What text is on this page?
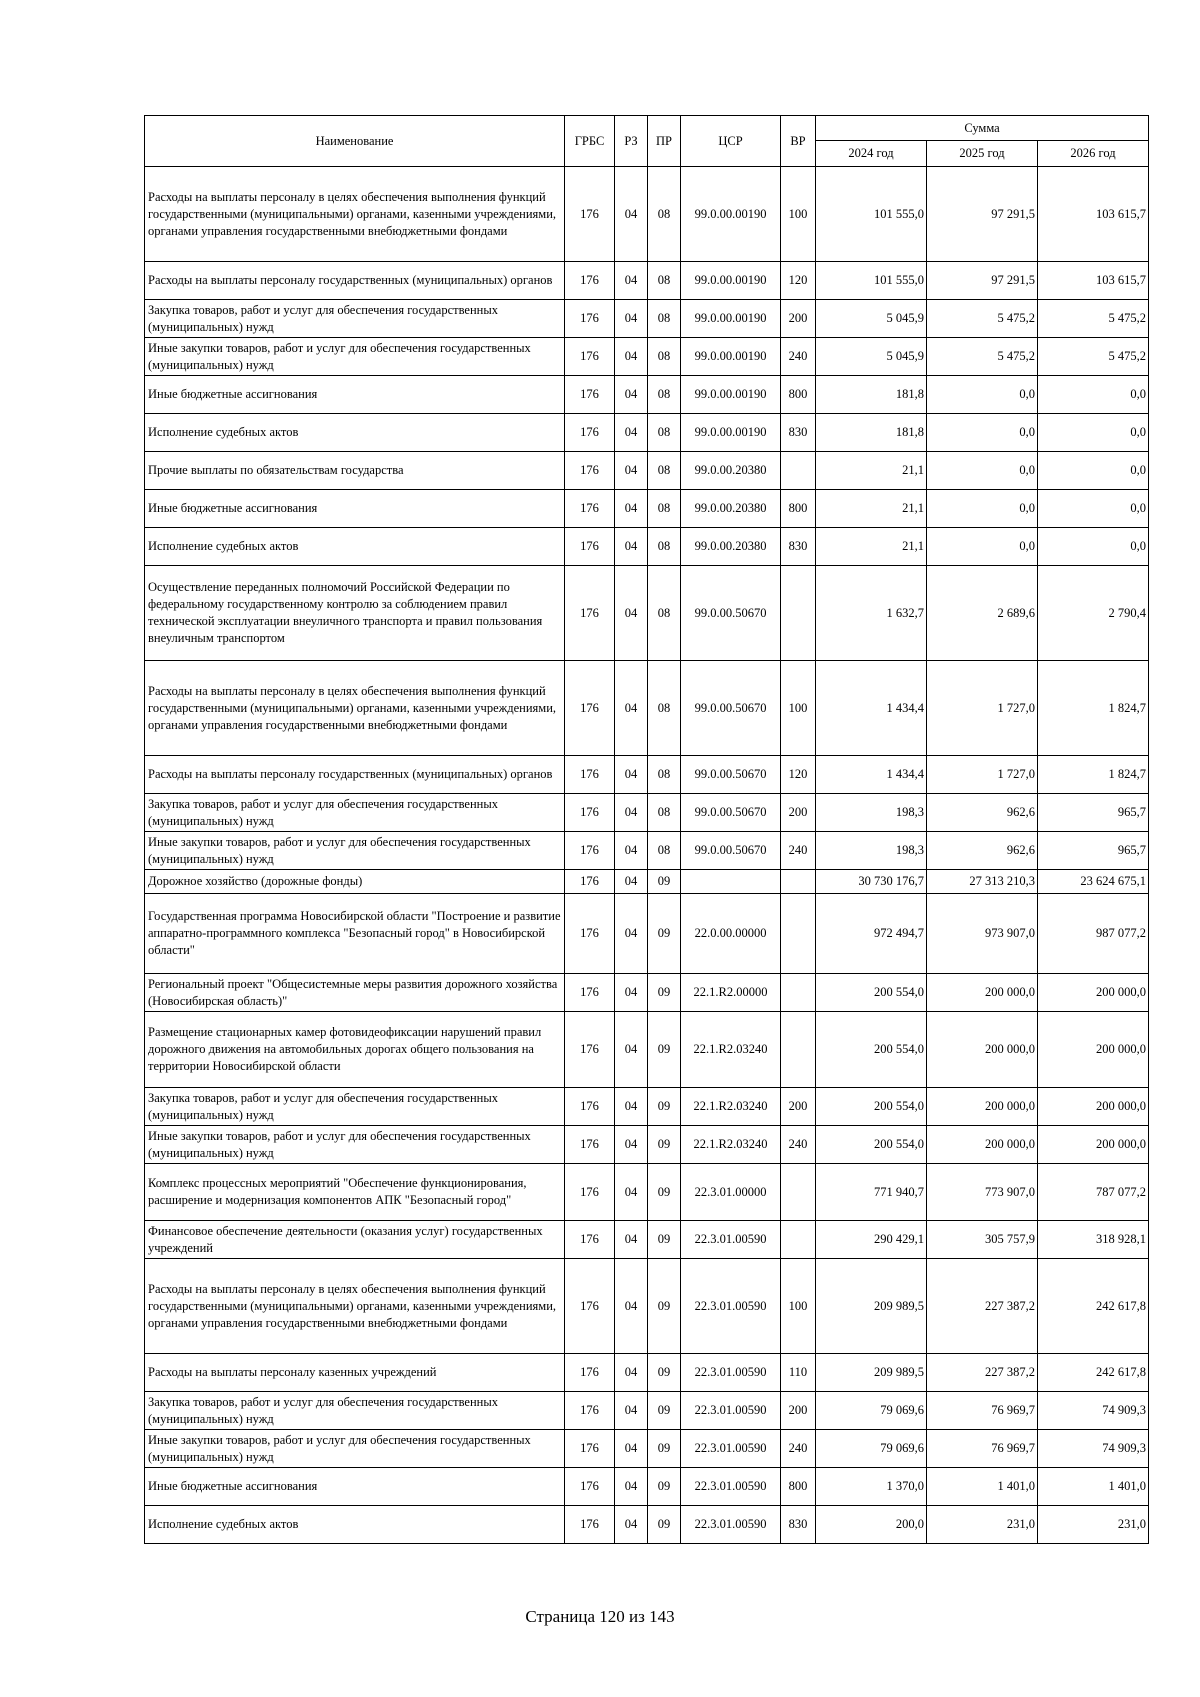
Наименование	ГРБС	РЗ	ПР	ЦСР	ВР	Сумма		
						2024 год	2025 год	2026 год
Расходы на выплаты персоналу в целях обеспечения выполнения функций государственными (муниципальными) органами, казенными учреждениями, органами управления государственными внебюджетными фондами	176	04	08	99.0.00.00190	100	101 555,0	97 291,5	103 615,7
Расходы на выплаты персоналу государственных (муниципальных) органов	176	04	08	99.0.00.00190	120	101 555,0	97 291,5	103 615,7
Закупка товаров, работ и услуг для обеспечения государственных (муниципальных) нужд	176	04	08	99.0.00.00190	200	5 045,9	5 475,2	5 475,2
Иные закупки товаров, работ и услуг для обеспечения государственных (муниципальных) нужд	176	04	08	99.0.00.00190	240	5 045,9	5 475,2	5 475,2
Иные бюджетные ассигнования	176	04	08	99.0.00.00190	800	181,8	0,0	0,0
Исполнение судебных актов	176	04	08	99.0.00.00190	830	181,8	0,0	0,0
Прочие выплаты по обязательствам государства	176	04	08	99.0.00.20380		21,1	0,0	0,0
Иные бюджетные ассигнования	176	04	08	99.0.00.20380	800	21,1	0,0	0,0
Исполнение судебных актов	176	04	08	99.0.00.20380	830	21,1	0,0	0,0
Осуществление переданных полномочий Российской Федерации по федеральному государственному контролю за соблюдением правил технической эксплуатации внеуличного транспорта и правил пользования внеуличным транспортом	176	04	08	99.0.00.50670		1 632,7	2 689,6	2 790,4
Расходы на выплаты персоналу в целях обеспечения выполнения функций государственными (муниципальными) органами, казенными учреждениями, органами управления государственными внебюджетными фондами	176	04	08	99.0.00.50670	100	1 434,4	1 727,0	1 824,7
Расходы на выплаты персоналу государственных (муниципальных) органов	176	04	08	99.0.00.50670	120	1 434,4	1 727,0	1 824,7
Закупка товаров, работ и услуг для обеспечения государственных (муниципальных) нужд	176	04	08	99.0.00.50670	200	198,3	962,6	965,7
Иные закупки товаров, работ и услуг для обеспечения государственных (муниципальных) нужд	176	04	08	99.0.00.50670	240	198,3	962,6	965,7
Дорожное хозяйство (дорожные фонды)	176	04	09			30 730 176,7	27 313 210,3	23 624 675,1
Государственная программа Новосибирской области "Построение и развитие аппаратно-программного комплекса "Безопасный город" в Новосибирской области"	176	04	09	22.0.00.00000		972 494,7	973 907,0	987 077,2
Региональный проект "Общесистемные меры развития дорожного хозяйства (Новосибирская область)"	176	04	09	22.1.R2.00000		200 554,0	200 000,0	200 000,0
Размещение стационарных камер фотовидеофиксации нарушений правил дорожного движения на автомобильных дорогах общего пользования на территории Новосибирской области	176	04	09	22.1.R2.03240		200 554,0	200 000,0	200 000,0
Закупка товаров, работ и услуг для обеспечения государственных (муниципальных) нужд	176	04	09	22.1.R2.03240	200	200 554,0	200 000,0	200 000,0
Иные закупки товаров, работ и услуг для обеспечения государственных (муниципальных) нужд	176	04	09	22.1.R2.03240	240	200 554,0	200 000,0	200 000,0
Комплекс процессных мероприятий "Обеспечение функционирования, расширение и модернизация компонентов АПК "Безопасный город"	176	04	09	22.3.01.00000		771 940,7	773 907,0	787 077,2
Финансовое обеспечение деятельности (оказания услуг) государственных учреждений	176	04	09	22.3.01.00590		290 429,1	305 757,9	318 928,1
Расходы на выплаты персоналу в целях обеспечения выполнения функций государственными (муниципальными) органами, казенными учреждениями, органами управления государственными внебюджетными фондами	176	04	09	22.3.01.00590	100	209 989,5	227 387,2	242 617,8
Расходы на выплаты персоналу казенных учреждений	176	04	09	22.3.01.00590	110	209 989,5	227 387,2	242 617,8
Закупка товаров, работ и услуг для обеспечения государственных (муниципальных) нужд	176	04	09	22.3.01.00590	200	79 069,6	76 969,7	74 909,3
Иные закупки товаров, работ и услуг для обеспечения государственных (муниципальных) нужд	176	04	09	22.3.01.00590	240	79 069,6	76 969,7	74 909,3
Иные бюджетные ассигнования	176	04	09	22.3.01.00590	800	1 370,0	1 401,0	1 401,0
Исполнение судебных актов	176	04	09	22.3.01.00590	830	200,0	231,0	231,0
Страница 120 из 143
